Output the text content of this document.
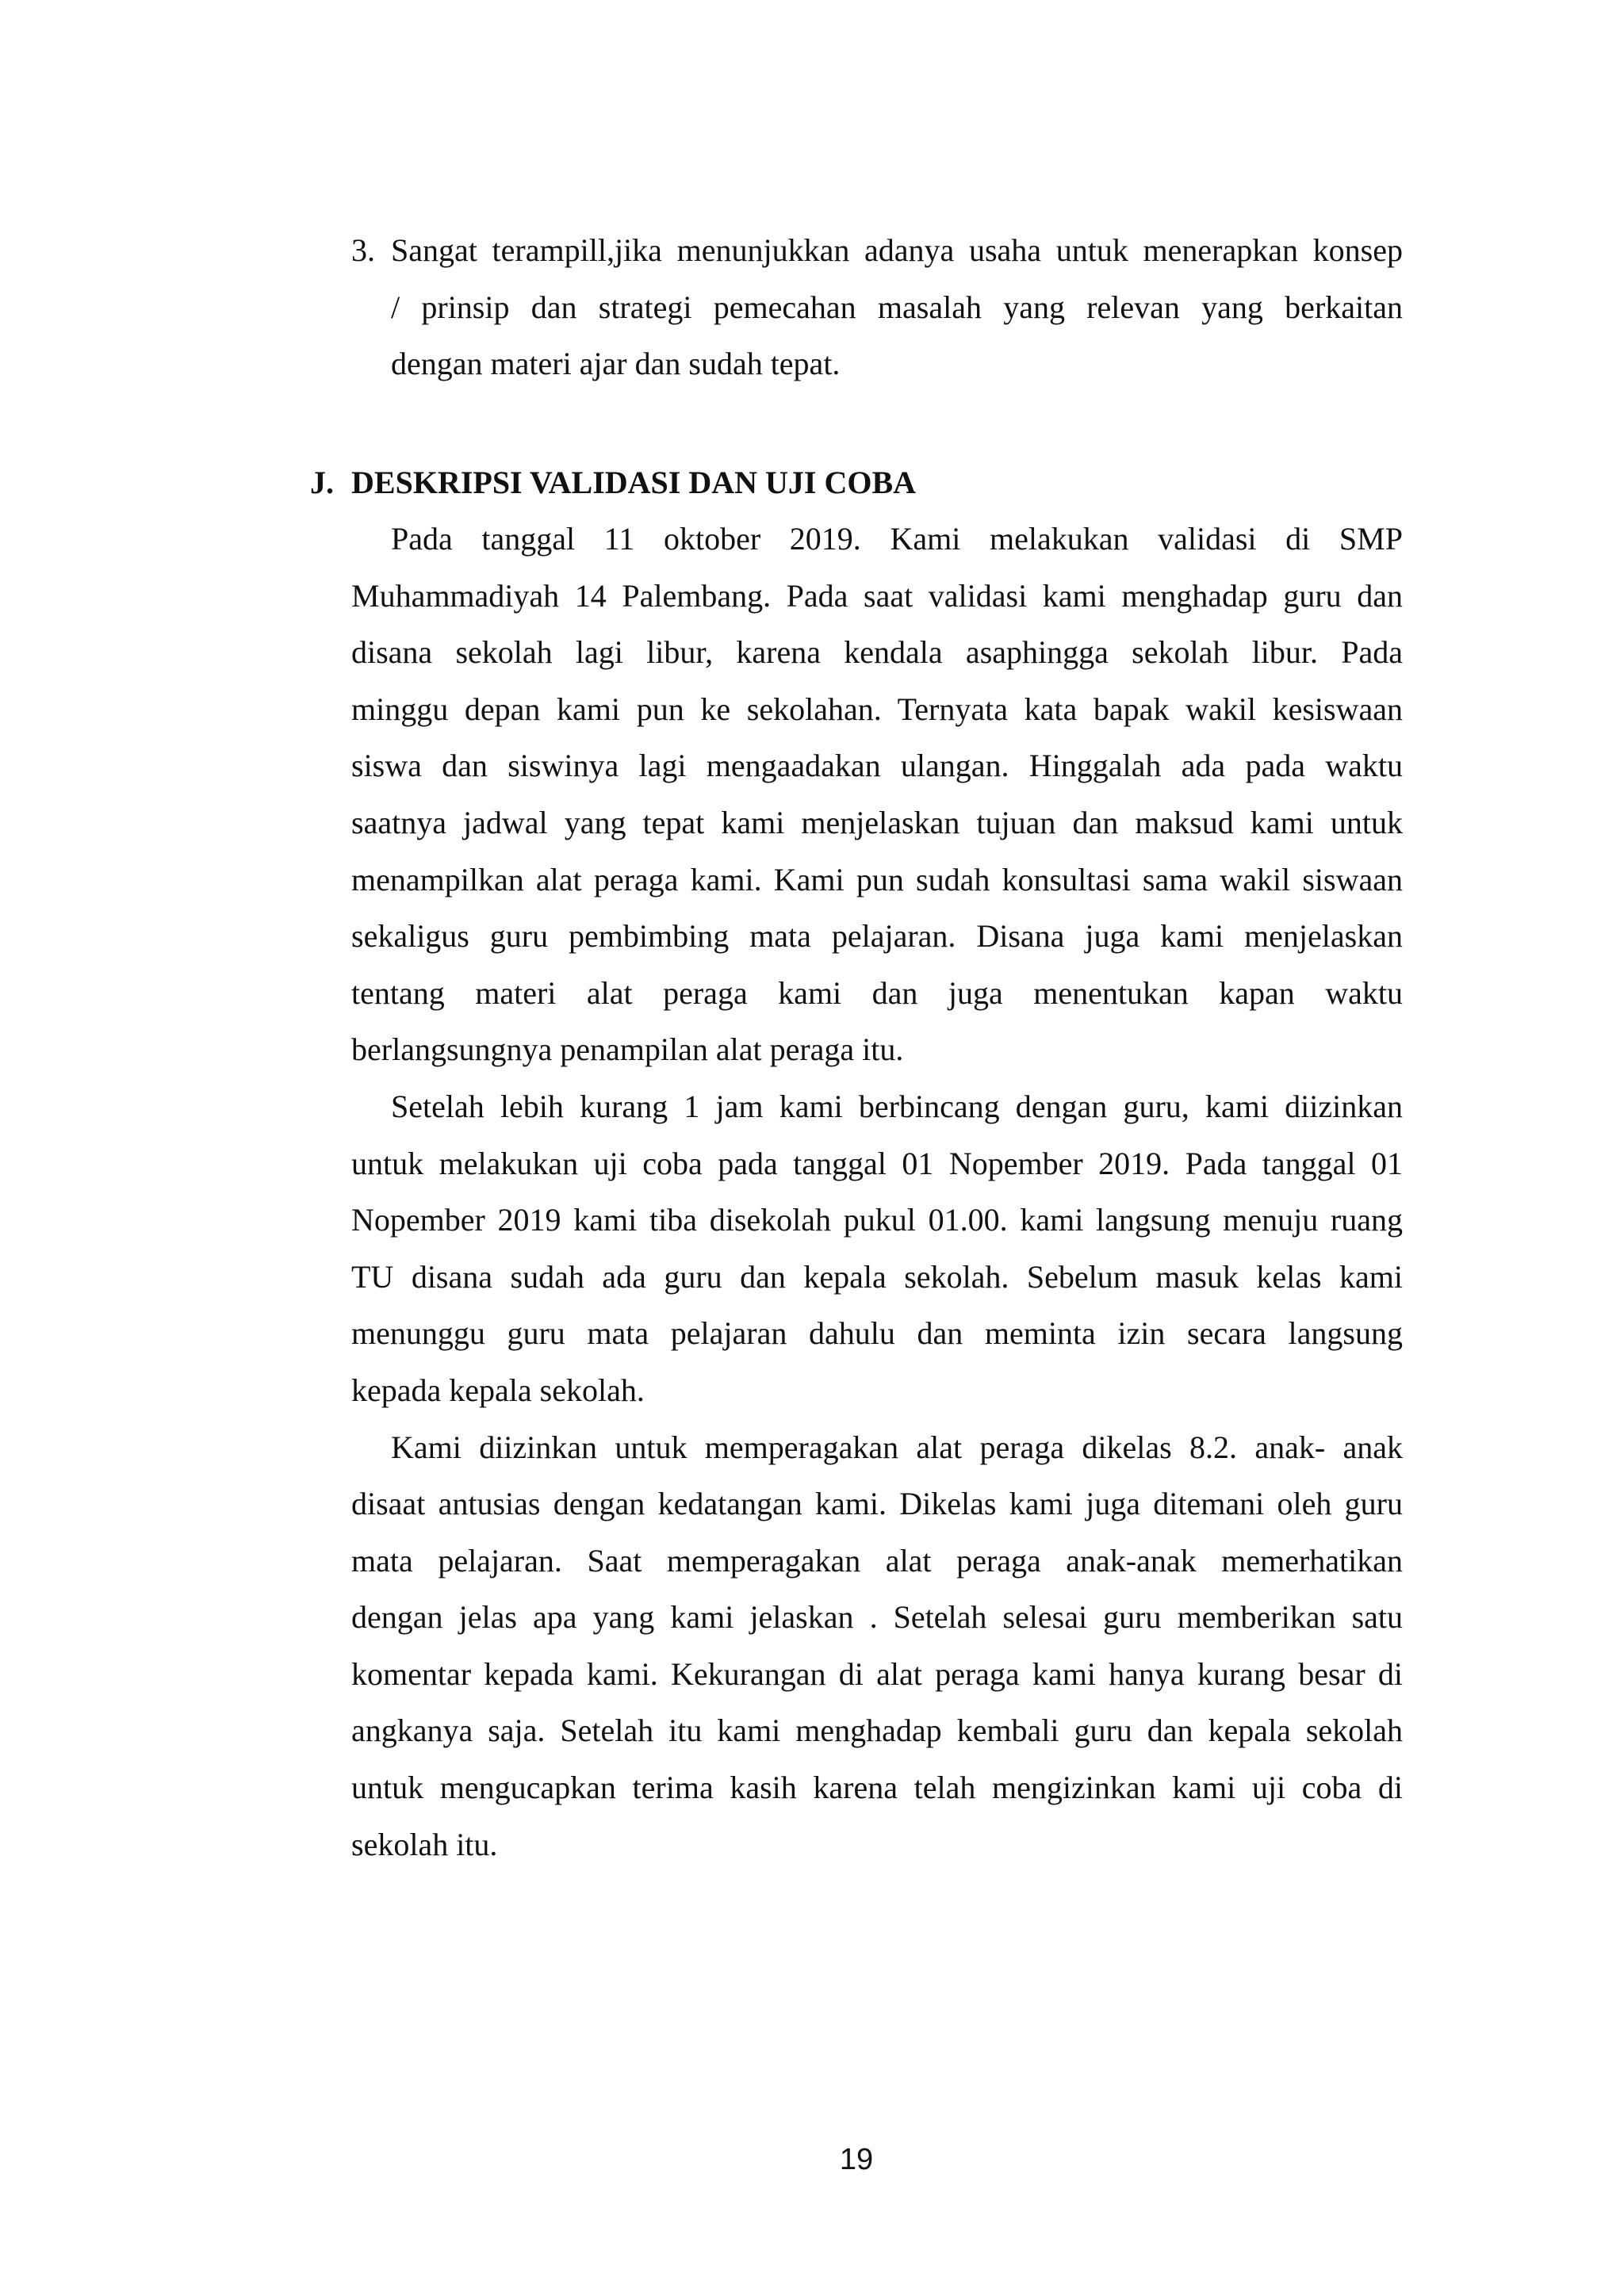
3. Sangat terampill,jika menunjukkan adanya usaha untuk menerapkan konsep
/ prinsip dan strategi pemecahan masalah yang relevan yang berkaitan
dengan materi ajar dan sudah tepat.
J. DESKRIPSI VALIDASI DAN UJI COBA
Pada tanggal 11 oktober 2019. Kami melakukan validasi di SMP
Muhammadiyah 14 Palembang. Pada saat validasi kami menghadap guru dan
disana sekolah lagi libur, karena kendala asaphingga sekolah libur. Pada
minggu depan kami pun ke sekolahan. Ternyata kata bapak wakil kesiswaan
siswa dan siswinya lagi mengaadakan ulangan. Hinggalah ada pada waktu
saatnya jadwal yang tepat kami menjelaskan tujuan dan maksud kami untuk
menampilkan alat peraga kami. Kami pun sudah konsultasi sama wakil siswaan
sekaligus guru pembimbing mata pelajaran. Disana juga kami menjelaskan
tentang materi alat peraga kami dan juga menentukan kapan waktu
berlangsungnya penampilan alat peraga itu.
Setelah lebih kurang 1 jam kami berbincang dengan guru, kami diizinkan
untuk melakukan uji coba pada tanggal 01 Nopember 2019. Pada tanggal 01
Nopember 2019 kami tiba disekolah pukul 01.00. kami langsung menuju ruang
TU disana sudah ada guru dan kepala sekolah. Sebelum masuk kelas kami
menunggu guru mata pelajaran dahulu dan meminta izin secara langsung
kepada kepala sekolah.
Kami diizinkan untuk memperagakan alat peraga dikelas 8.2. anak- anak
disaat antusias dengan kedatangan kami. Dikelas kami juga ditemani oleh guru
mata pelajaran. Saat memperagakan alat peraga anak-anak memerhatikan
dengan jelas apa yang kami jelaskan . Setelah selesai guru memberikan satu
komentar kepada kami. Kekurangan di alat peraga kami hanya kurang besar di
angkanya saja. Setelah itu kami menghadap kembali guru dan kepala sekolah
untuk mengucapkan terima kasih karena telah mengizinkan kami uji coba di
sekolah itu.
19
